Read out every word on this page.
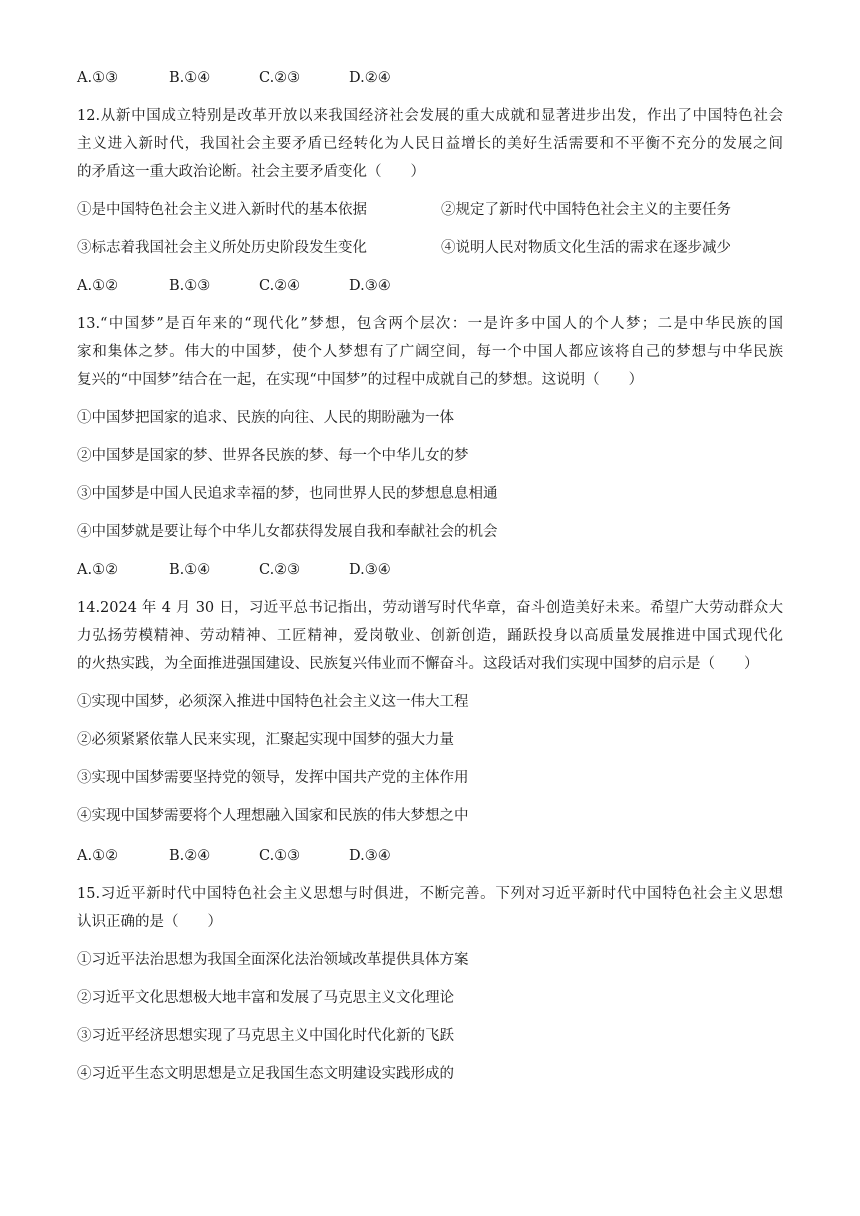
A.①③	B.①④	C.②③	D.②④
12.从新中国成立特别是改革开放以来我国经济社会发展的重大成就和显著进步出发，作出了中国特色社会
主义进入新时代，我国社会主要矛盾已经转化为人民日益增长的美好生活需要和不平衡不充分的发展之间
的矛盾这一重大政治论断。社会主要矛盾变化（　　）
①是中国特色社会主义进入新时代的基本依据	②规定了新时代中国特色社会主义的主要任务
③标志着我国社会主义所处历史阶段发生变化	④说明人民对物质文化生活的需求在逐步减少
A.①②	B.①③	C.②④	D.③④
13.“中国梦”是百年来的“现代化”梦想，包含两个层次：一是许多中国人的个人梦；二是中华民族的国
家和集体之梦。伟大的中国梦，使个人梦想有了广阔空间，每一个中国人都应该将自己的梦想与中华民族
复兴的“中国梦”结合在一起，在实现“中国梦”的过程中成就自己的梦想。这说明（　　）
①中国梦把国家的追求、民族的向往、人民的期盼融为一体
②中国梦是国家的梦、世界各民族的梦、每一个中华儿女的梦
③中国梦是中国人民追求幸福的梦，也同世界人民的梦想息息相通
④中国梦就是要让每个中华儿女都获得发展自我和奉献社会的机会
A.①②	B.①④	C.②③	D.③④
14.2024 年 4 月 30 日，习近平总书记指出，劳动谱写时代华章，奋斗创造美好未来。希望广大劳动群众大
力弘扬劳模精神、劳动精神、工匠精神，爱岗敬业、创新创造，踊跃投身以高质量发展推进中国式现代化
的火热实践，为全面推进强国建设、民族复兴伟业而不懈奋斗。这段话对我们实现中国梦的启示是（　　）
①实现中国梦，必须深入推进中国特色社会主义这一伟大工程
②必须紧紧依靠人民来实现，汇聚起实现中国梦的强大力量
③实现中国梦需要坚持党的领导，发挥中国共产党的主体作用
④实现中国梦需要将个人理想融入国家和民族的伟大梦想之中
A.①②	B.②④	C.①③	D.③④
15.习近平新时代中国特色社会主义思想与时俱进，不断完善。下列对习近平新时代中国特色社会主义思想
认识正确的是（　　）
①习近平法治思想为我国全面深化法治领域改革提供具体方案
②习近平文化思想极大地丰富和发展了马克思主义文化理论
③习近平经济思想实现了马克思主义中国化时代化新的飞跃
④习近平生态文明思想是立足我国生态文明建设实践形成的
